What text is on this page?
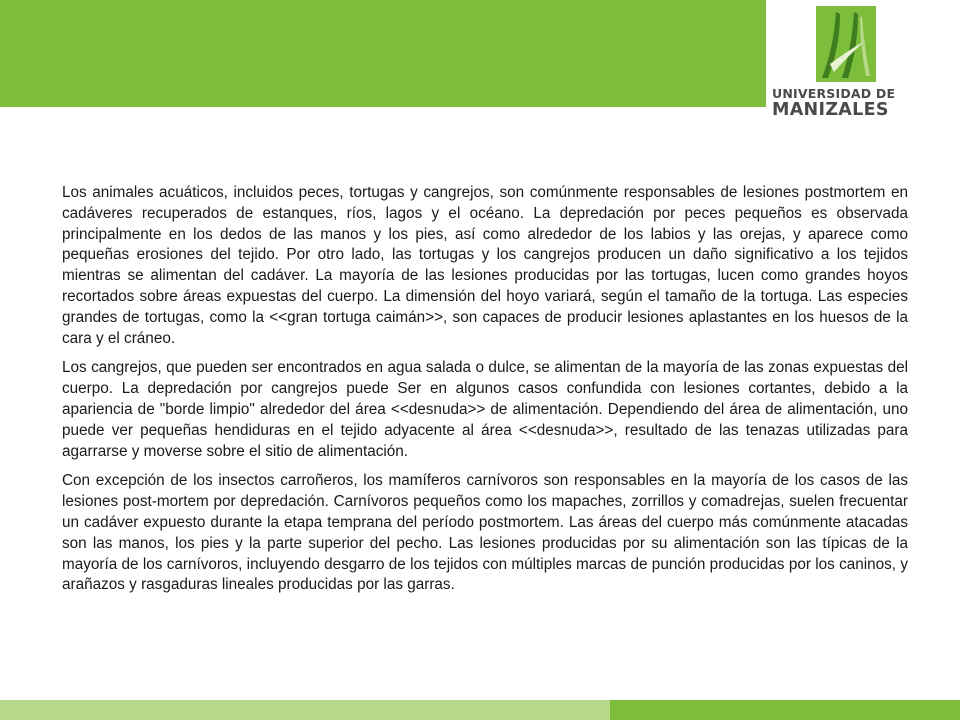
UNIVERSIDAD DE
MANIZALES

Los animales acuáticos, incluidos peces, tortugas y cangrejos, son comúnmente responsables de lesiones postmortem en cadáveres recuperados de estanques, ríos, lagos y el océano. La depredación por peces pequeños es observada principalmente en los dedos de las manos y los pies, así como alrededor de los labios y las orejas, y aparece como pequeñas erosiones del tejido. Por otro lado, las tortugas y los cangrejos producen un daño significativo a los tejidos mientras se alimentan del cadáver. La mayoría de las lesiones producidas por las tortugas, lucen como grandes hoyos recortados sobre áreas expuestas del cuerpo. La dimensión del hoyo variará, según el tamaño de la tortuga. Las especies grandes de tortugas, como la <<gran tortuga caimán>>, son capaces de producir lesiones aplastantes en los huesos de la cara y el cráneo.

Los cangrejos, que pueden ser encontrados en agua salada o dulce, se alimentan de la mayoría de las zonas expuestas del cuerpo. La depredación por cangrejos puede Ser en algunos casos confundida con lesiones cortantes, debido a la apariencia de "borde limpio" alrededor del área <<desnuda>> de alimentación. Dependiendo del área de alimentación, uno puede ver pequeñas hendiduras en el tejido adyacente al área <<desnuda>>, resultado de las tenazas utilizadas para agarrarse y moverse sobre el sitio de alimentación.

Con excepción de los insectos carroñeros, los mamíferos carnívoros son responsables en la mayoría de los casos de las lesiones post-mortem por depredación. Carnívoros pequeños como los mapaches, zorrillos y comadrejas, suelen frecuentar un cadáver expuesto durante la etapa temprana del período postmortem. Las áreas del cuerpo más comúnmente atacadas son las manos, los pies y la parte superior del pecho. Las lesiones producidas por su alimentación son las típicas de la mayoría de los carnívoros, incluyendo desgarro de los tejidos con múltiples marcas de punción producidas por los caninos, y arañazos y rasgaduras lineales producidas por las garras.
